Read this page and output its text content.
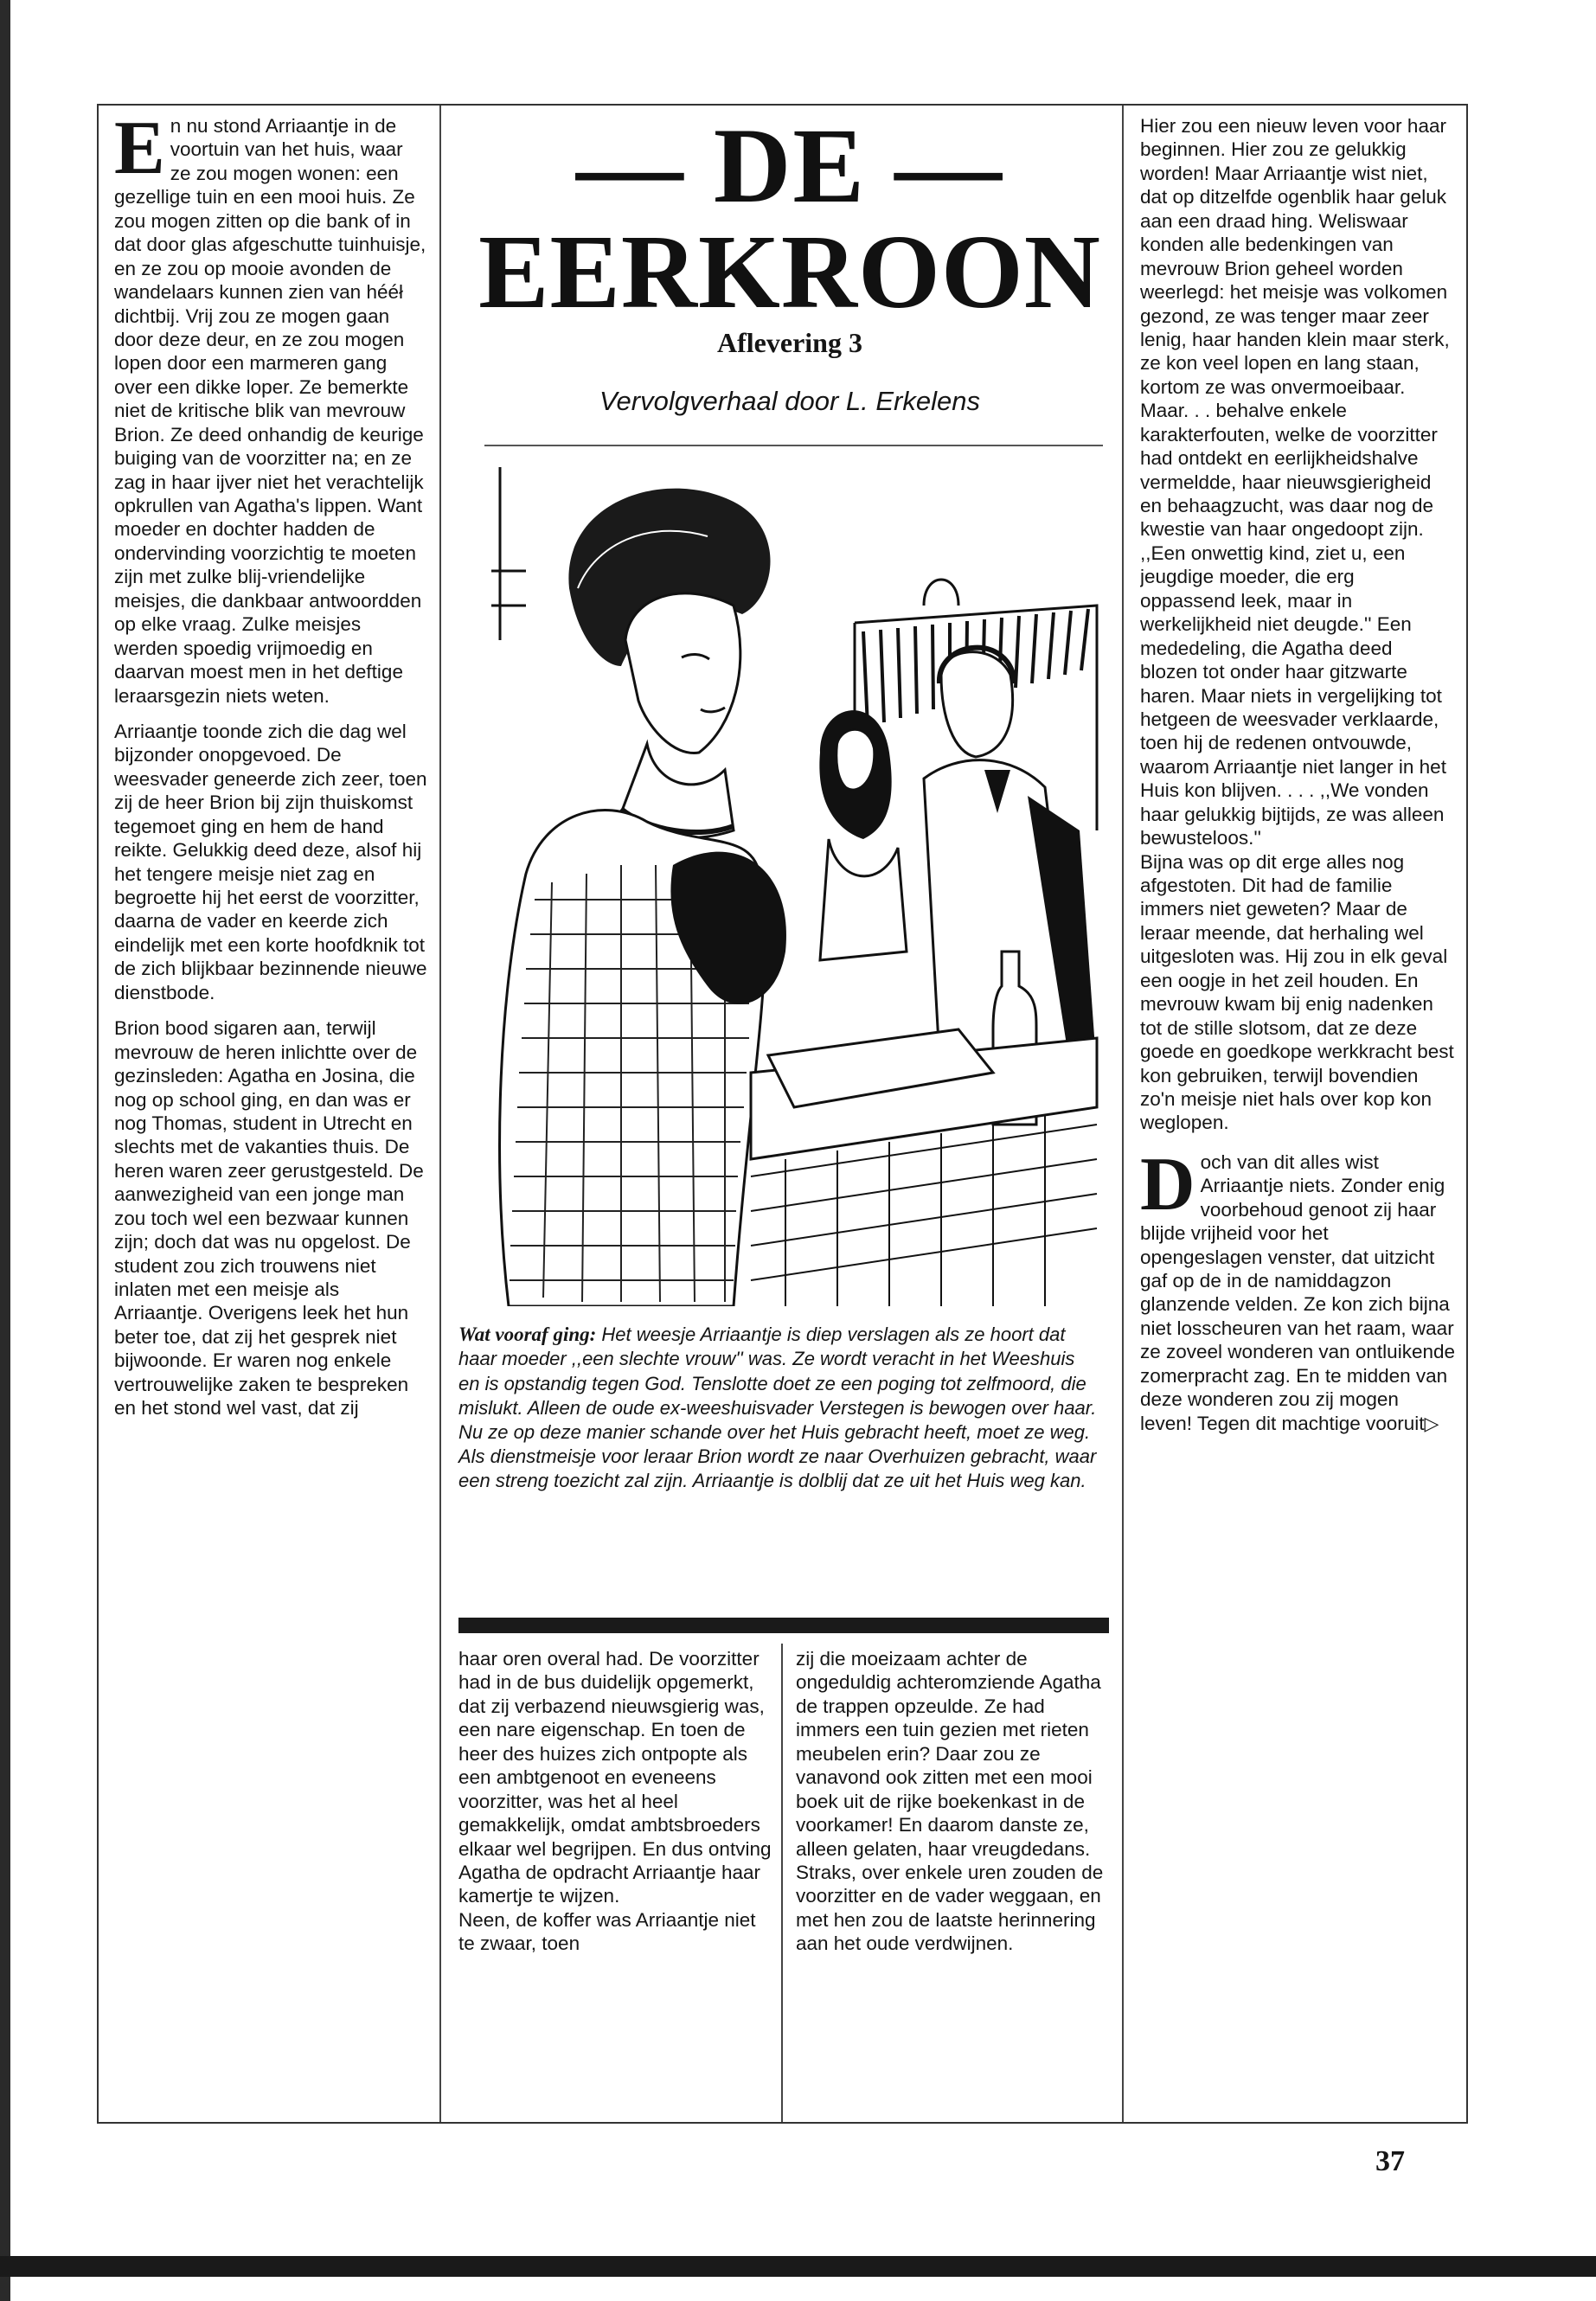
En nu stond Arriaantje in de voortuin van het huis, waar ze zou mogen wonen: een gezellige tuin en een mooi huis. Ze zou mogen zitten op die bank of in dat door glas afgeschutte tuinhuisje, en ze zou op mooie avonden de wandelaars kunnen zien van hééł dichtbij. Vrij zou ze mogen gaan door deze deur, en ze zou mogen lopen door een marmeren gang over een dikke loper. Ze bemerkte niet de kritische blik van mevrouw Brion. Ze deed onhandig de keurige buiging van de voorzitter na; en ze zag in haar ijver niet het verachtelijk opkrullen van Agatha's lippen. Want moeder en dochter hadden de ondervinding voorzichtig te moeten zijn met zulke blij-vriendelijke meisjes, die dankbaar antwoordden op elke vraag. Zulke meisjes werden spoedig vrijmoedig en daarvan moest men in het deftige leraarsgezin niets weten.

Arriaantje toonde zich die dag wel bijzonder onopgevoed. De weesvader geneerde zich zeer, toen zij de heer Brion bij zijn thuiskomst tegemoet ging en hem de hand reikte. Gelukkig deed deze, alsof hij het tengere meisje niet zag en begroette hij het eerst de voorzitter, daarna de vader en keerde zich eindelijk met een korte hoofdknik tot de zich blijkbaar bezinnende nieuwe dienstbode.

Brion bood sigaren aan, terwijl mevrouw de heren inlichtte over de gezinsleden: Agatha en Josina, die nog op school ging, en dan was er nog Thomas, student in Utrecht en slechts met de vakanties thuis. De heren waren zeer gerustgesteld. De aanwezigheid van een jonge man zou toch wel een bezwaar kunnen zijn; doch dat was nu opgelost. De student zou zich trouwens niet inlaten met een meisje als Arriaantje. Overigens leek het hun beter toe, dat zij het gesprek niet bijwoonde. Er waren nog enkele vertrouwelijke zaken te bespreken en het stond wel vast, dat zij

— DE —
EERKROON
Aflevering 3
Vervolgverhaal door L. Erkelens
Wat vooraf ging: Het weesje Arriaantje is diep verslagen als ze hoort dat haar moeder ,,een slechte vrouw'' was. Ze wordt veracht in het Weeshuis en is opstandig tegen God. Tenslotte doet ze een poging tot zelfmoord, die mislukt. Alleen de oude ex-weeshuisvader Verstegen is bewogen over haar. Nu ze op deze manier schande over het Huis gebracht heeft, moet ze weg. Als dienstmeisje voor leraar Brion wordt ze naar Overhuizen gebracht, waar een streng toezicht zal zijn. Arriaantje is dolblij dat ze uit het Huis weg kan.

haar oren overal had. De voorzitter had in de bus duidelijk opgemerkt, dat zij verbazend nieuwsgierig was, een nare eigenschap. En toen de heer des huizes zich ontpopte als een ambtgenoot en eveneens voorzitter, was het al heel gemakkelijk, omdat ambtsbroeders elkaar wel begrijpen. En dus ontving Agatha de opdracht Arriaantje haar kamertje te wijzen.

Neen, de koffer was Arriaantje niet te zwaar, toen

zij die moeizaam achter de ongeduldig achteromziende Agatha de trappen opzeulde. Ze had immers een tuin gezien met rieten meubelen erin? Daar zou ze vanavond ook zitten met een mooi boek uit de rijke boekenkast in de voorkamer! En daarom danste ze, alleen gelaten, haar vreugdedans. Straks, over enkele uren zouden de voorzitter en de vader weggaan, en met hen zou de laatste herinnering aan het oude verdwijnen.

Hier zou een nieuw leven voor haar beginnen. Hier zou ze gelukkig worden! Maar Arriaantje wist niet, dat op ditzelfde ogenblik haar geluk aan een draad hing. Weliswaar konden alle bedenkingen van mevrouw Brion geheel worden weerlegd: het meisje was volkomen gezond, ze was tenger maar zeer lenig, haar handen klein maar sterk, ze kon veel lopen en lang staan, kortom ze was onvermoeibaar. Maar. . . behalve enkele karakterfouten, welke de voorzitter had ontdekt en eerlijkheidshalve vermeldde, haar nieuwsgierigheid en behaagzucht, was daar nog de kwestie van haar ongedoopt zijn. ,,Een onwettig kind, ziet u, een jeugdige moeder, die erg oppassend leek, maar in werkelijkheid niet deugde.'' Een mededeling, die Agatha deed blozen tot onder haar gitzwarte haren. Maar niets in vergelijking tot hetgeen de weesvader verklaarde, toen hij de redenen ontvouwde, waarom Arriaantje niet langer in het Huis kon blijven. . . . ,,We vonden haar gelukkig bijtijds, ze was alleen bewusteloos.''

Bijna was op dit erge alles nog afgestoten. Dit had de familie immers niet geweten? Maar de leraar meende, dat herhaling wel uitgesloten was. Hij zou in elk geval een oogje in het zeil houden. En mevrouw kwam bij enig nadenken tot de stille slotsom, dat ze deze goede en goedkope werkkracht best kon gebruiken, terwijl bovendien zo'n meisje niet hals over kop kon weglopen.

Doch van dit alles wist Arriaantje niets. Zonder enig voorbehoud genoot zij haar blijde vrijheid voor het opengeslagen venster, dat uitzicht gaf op de in de namiddagzon glanzende velden. Ze kon zich bijna niet losscheuren van het raam, waar ze zoveel wonderen van ontluikende zomerpracht zag. En te midden van deze wonderen zou zij mogen leven! Tegen dit machtige vooruit▷

37
